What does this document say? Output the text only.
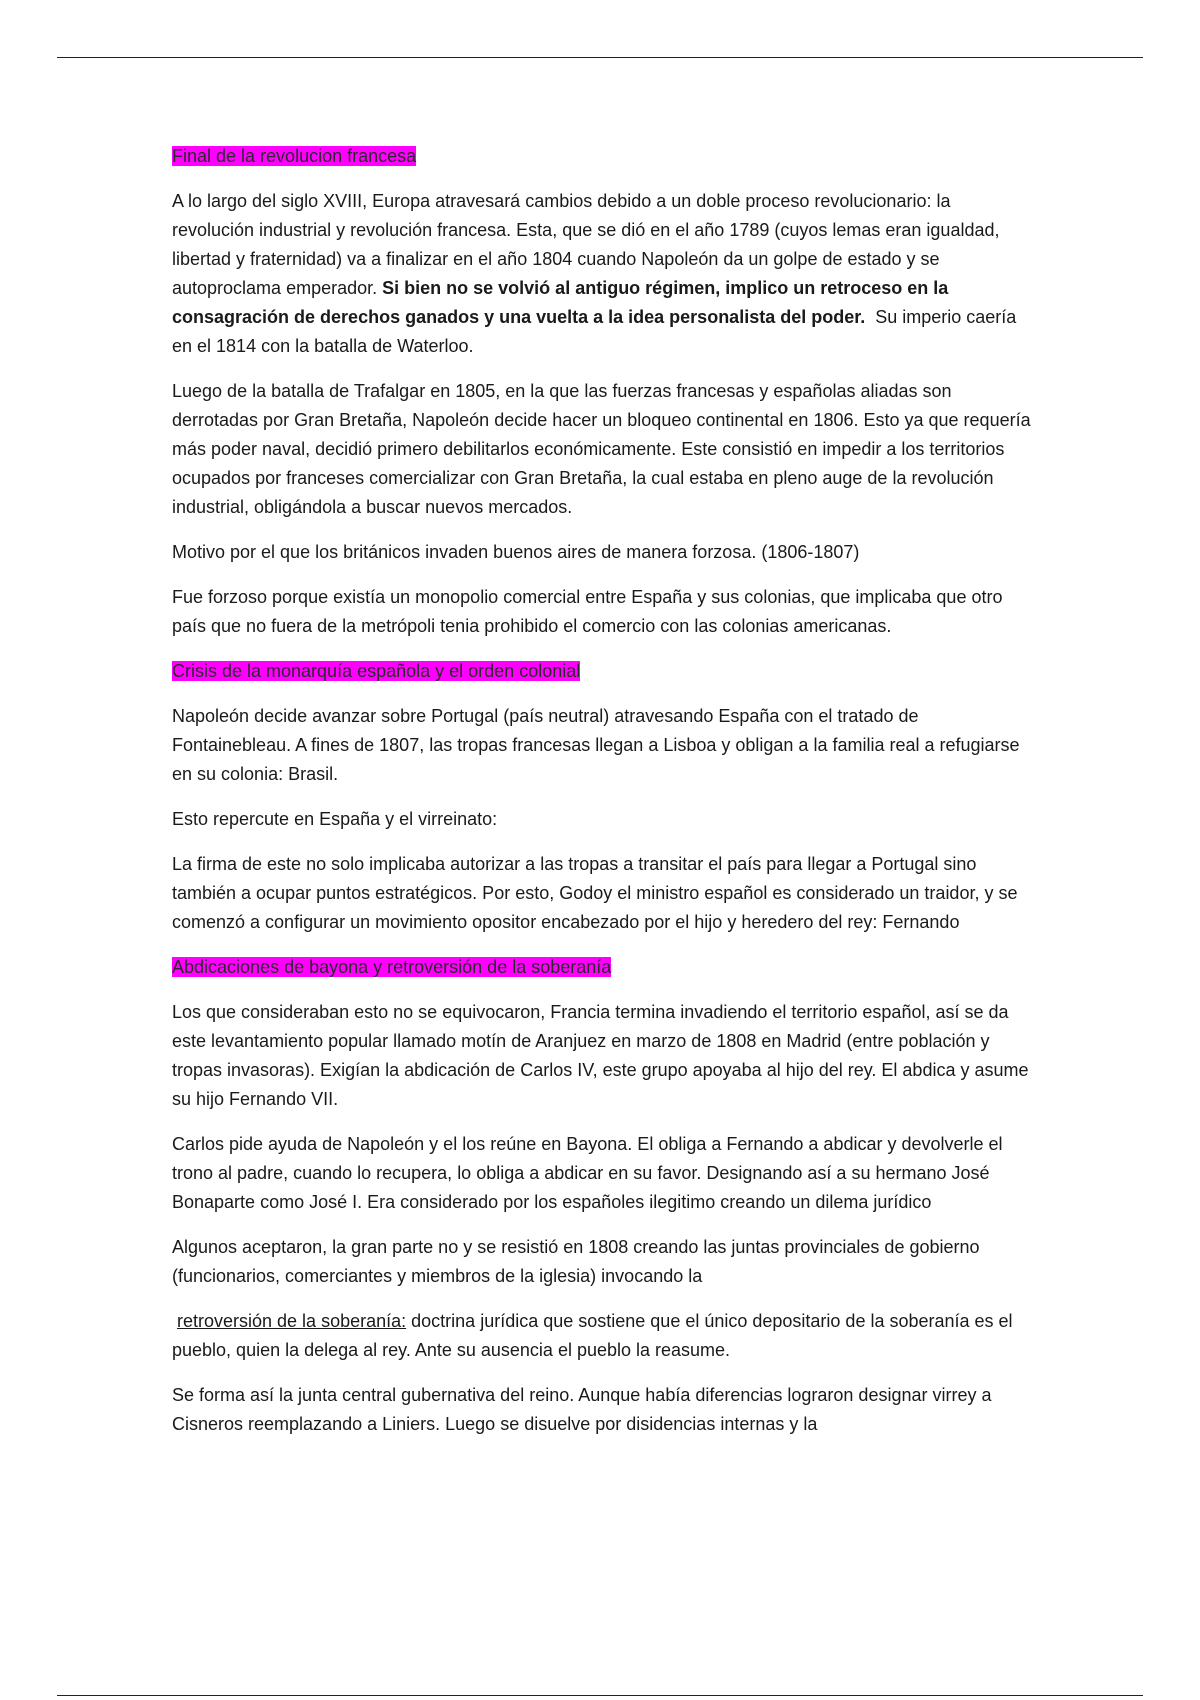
Final de la revolucion francesa

A lo largo del siglo XVIII, Europa atravesará cambios debido a un doble proceso revolucionario: la revolución industrial y revolución francesa. Esta, que se dió en el año 1789 (cuyos lemas eran igualdad, libertad y fraternidad) va a finalizar en el año 1804 cuando Napoleón da un golpe de estado y se autoproclama emperador. Si bien no se volvió al antiguo régimen, implico un retroceso en la consagración de derechos ganados y una vuelta a la idea personalista del poder. Su imperio caería en el 1814 con la batalla de Waterloo.

Luego de la batalla de Trafalgar en 1805, en la que las fuerzas francesas y españolas aliadas son derrotadas por Gran Bretaña, Napoleón decide hacer un bloqueo continental en 1806. Esto ya que requería más poder naval, decidió primero debilitarlos económicamente. Este consistió en impedir a los territorios ocupados por franceses comercializar con Gran Bretaña, la cual estaba en pleno auge de la revolución industrial, obligándola a buscar nuevos mercados.

Motivo por el que los británicos invaden buenos aires de manera forzosa. (1806-1807)

Fue forzoso porque existía un monopolio comercial entre España y sus colonias, que implicaba que otro país que no fuera de la metrópoli tenia prohibido el comercio con las colonias americanas.

Crisis de la monarquía española y el orden colonial

Napoleón decide avanzar sobre Portugal (país neutral) atravesando España con el tratado de Fontainebleau. A fines de 1807, las tropas francesas llegan a Lisboa y obligan a la familia real a refugiarse en su colonia: Brasil.

Esto repercute en España y el virreinato:

La firma de este no solo implicaba autorizar a las tropas a transitar el país para llegar a Portugal sino también a ocupar puntos estratégicos. Por esto, Godoy el ministro español es considerado un traidor, y se comenzó a configurar un movimiento opositor encabezado por el hijo y heredero del rey: Fernando

Abdicaciones de bayona y retroversión de la soberanía

Los que consideraban esto no se equivocaron, Francia termina invadiendo el territorio español, así se da este levantamiento popular llamado motín de Aranjuez en marzo de 1808 en Madrid (entre población y tropas invasoras). Exigían la abdicación de Carlos IV, este grupo apoyaba al hijo del rey. El abdica y asume su hijo Fernando VII.

Carlos pide ayuda de Napoleón y el los reúne en Bayona. El obliga a Fernando a abdicar y devolverle el trono al padre, cuando lo recupera, lo obliga a abdicar en su favor. Designando así a su hermano José Bonaparte como José I. Era considerado por los españoles ilegitimo creando un dilema jurídico

Algunos aceptaron, la gran parte no y se resistió en 1808 creando las juntas provinciales de gobierno (funcionarios, comerciantes y miembros de la iglesia) invocando la

retroversión de la soberanía: doctrina jurídica que sostiene que el único depositario de la soberanía es el pueblo, quien la delega al rey. Ante su ausencia el pueblo la reasume.

Se forma así la junta central gubernativa del reino. Aunque había diferencias lograron designar virrey a Cisneros reemplazando a Liniers. Luego se disuelve por disidencias internas y la
